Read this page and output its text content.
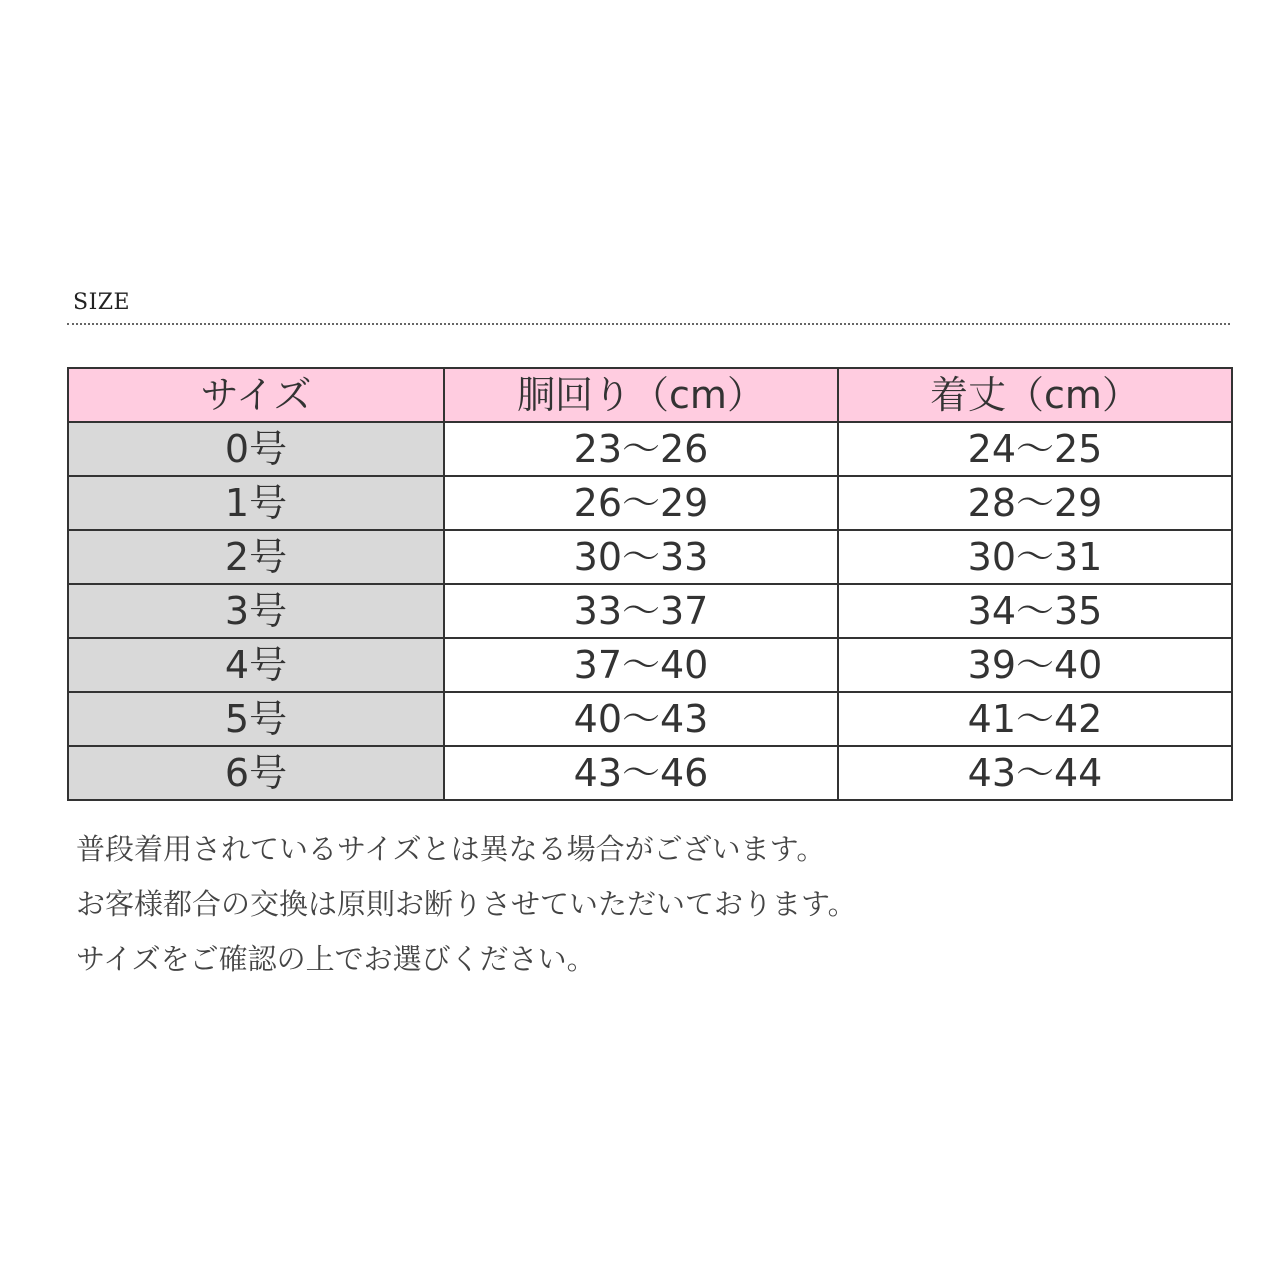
SIZE
サイズ	胴回り（cm）	着丈（cm）
0号	23〜26	24〜25
1号	26〜29	28〜29
2号	30〜33	30〜31
3号	33〜37	34〜35
4号	37〜40	39〜40
5号	40〜43	41〜42
6号	43〜46	43〜44
普段着用されているサイズとは異なる場合がございます。
お客様都合の交換は原則お断りさせていただいております。
サイズをご確認の上でお選びください。
